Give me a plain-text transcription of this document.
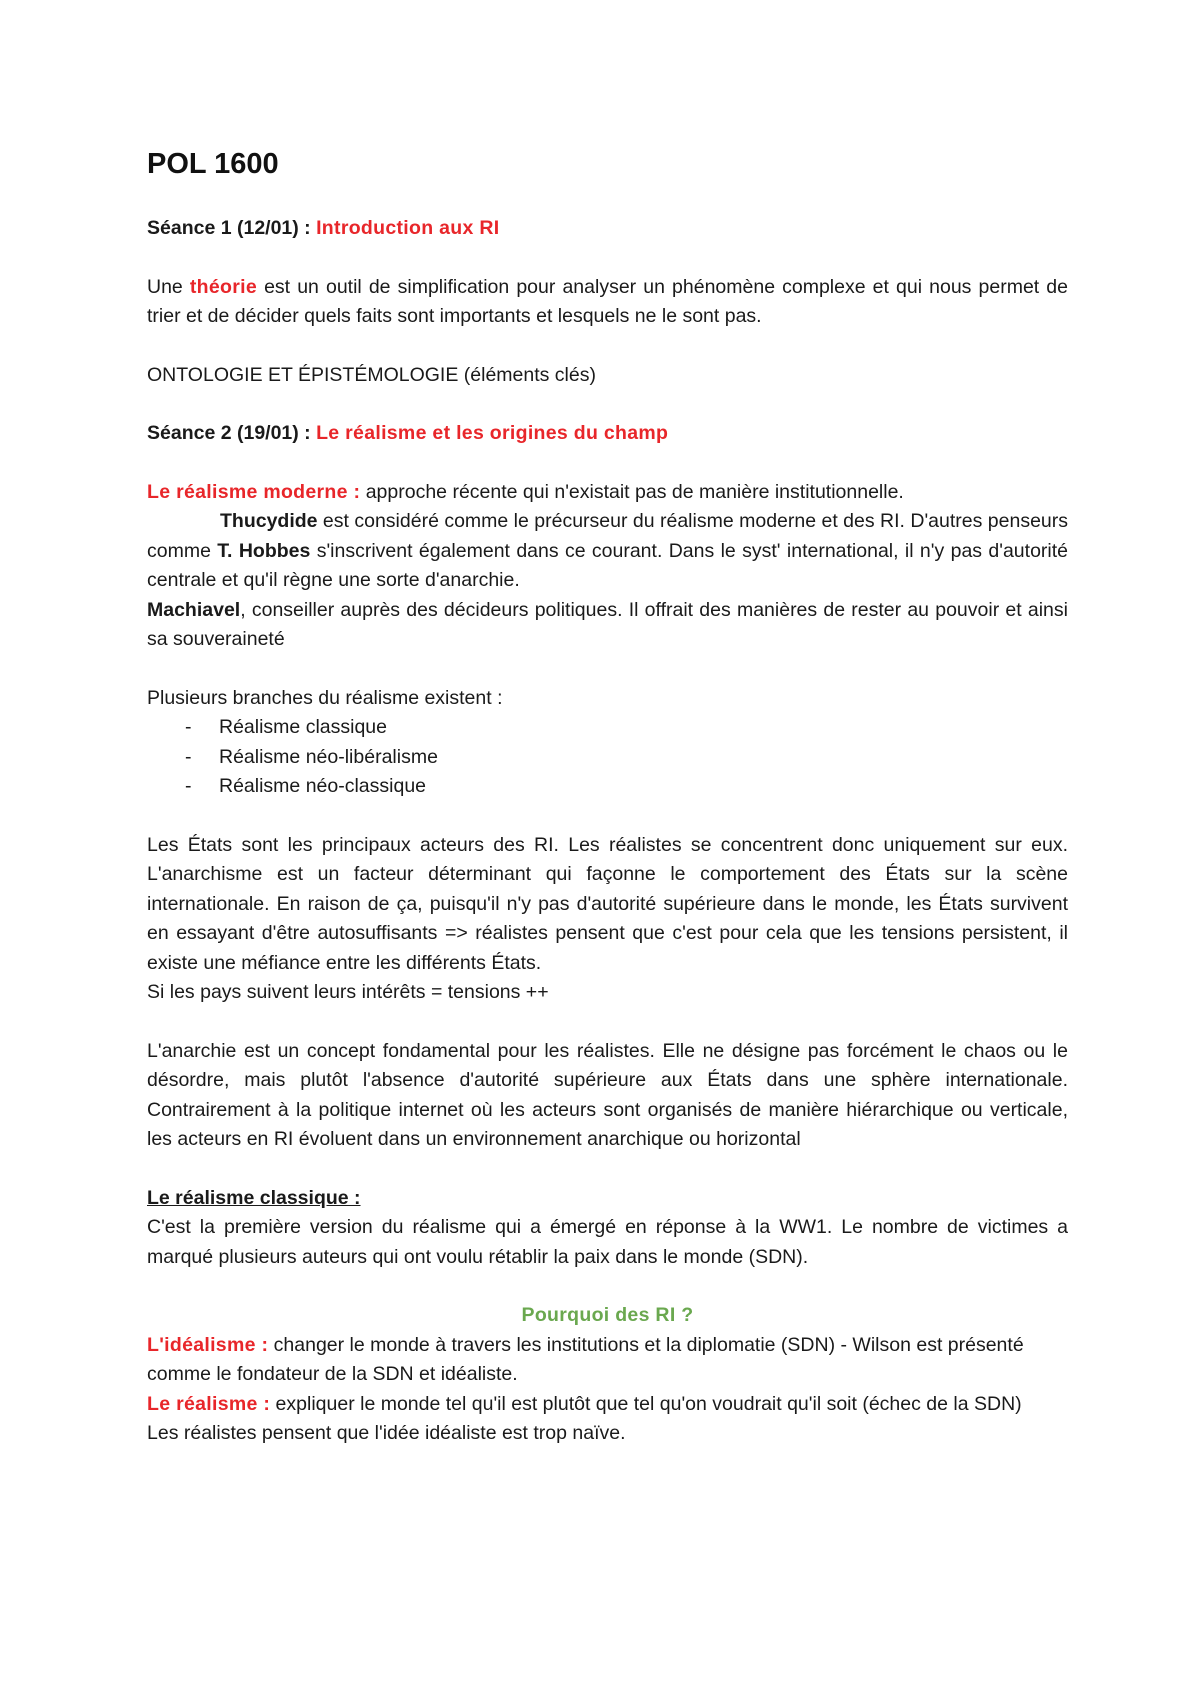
POL 1600

Séance 1 (12/01) : Introduction aux RI

Une théorie est un outil de simplification pour analyser un phénomène complexe et qui nous permet de trier et de décider quels faits sont importants et lesquels ne le sont pas.

ONTOLOGIE ET ÉPISTÉMOLOGIE (éléments clés)

Séance 2 (19/01) : Le réalisme et les origines du champ

Le réalisme moderne : approche récente qui n'existait pas de manière institutionnelle.

Thucydide est considéré comme le précurseur du réalisme moderne et des RI. D'autres penseurs comme T. Hobbes s'inscrivent également dans ce courant. Dans le syst' international, il n'y pas d'autorité centrale et qu'il règne une sorte d'anarchie.

Machiavel, conseiller auprès des décideurs politiques. Il offrait des manières de rester au pouvoir et ainsi sa souveraineté

Plusieurs branches du réalisme existent :

- Réalisme classique
- Réalisme néo-libéralisme
- Réalisme néo-classique

Les États sont les principaux acteurs des RI. Les réalistes se concentrent donc uniquement sur eux. L'anarchisme est un facteur déterminant qui façonne le comportement des États sur la scène internationale. En raison de ça, puisqu'il n'y pas d'autorité supérieure dans le monde, les États survivent en essayant d'être autosuffisants => réalistes pensent que c'est pour cela que les tensions persistent, il existe une méfiance entre les différents États.

Si les pays suivent leurs intérêts = tensions ++

L'anarchie est un concept fondamental pour les réalistes. Elle ne désigne pas forcément le chaos ou le désordre, mais plutôt l'absence d'autorité supérieure aux États dans une sphère internationale. Contrairement à la politique internet où les acteurs sont organisés de manière hiérarchique ou verticale, les acteurs en RI évoluent dans un environnement anarchique ou horizontal

Le réalisme classique :

C'est la première version du réalisme qui a émergé en réponse à la WW1. Le nombre de victimes a marqué plusieurs auteurs qui ont voulu rétablir la paix dans le monde (SDN).

Pourquoi des RI ?

L'idéalisme : changer le monde à travers les institutions et la diplomatie (SDN) - Wilson est présenté comme le fondateur de la SDN et idéaliste.

Le réalisme : expliquer le monde tel qu'il est plutôt que tel qu'on voudrait qu'il soit (échec de la SDN)

Les réalistes pensent que l'idée idéaliste est trop naïve.
